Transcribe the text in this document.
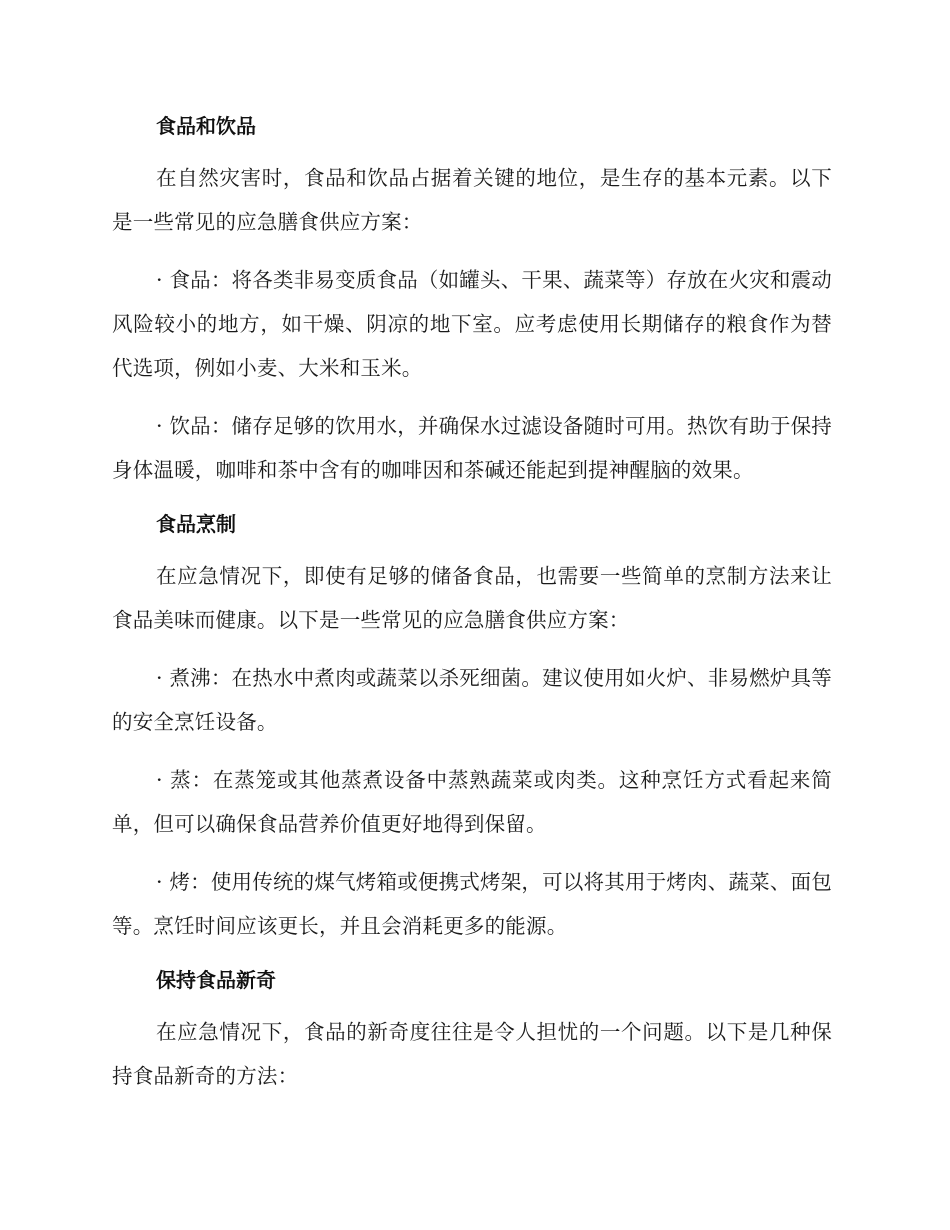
食品和饮品

在自然灾害时，食品和饮品占据着关键的地位，是生存的基本元素。以下是一些常见的应急膳食供应方案：

· 食品：将各类非易变质食品（如罐头、干果、蔬菜等）存放在火灾和震动风险较小的地方，如干燥、阴凉的地下室。应考虑使用长期储存的粮食作为替代选项，例如小麦、大米和玉米。

· 饮品：储存足够的饮用水，并确保水过滤设备随时可用。热饮有助于保持身体温暖，咖啡和茶中含有的咖啡因和茶碱还能起到提神醒脑的效果。

食品烹制

在应急情况下，即使有足够的储备食品，也需要一些简单的烹制方法来让食品美味而健康。以下是一些常见的应急膳食供应方案：

· 煮沸：在热水中煮肉或蔬菜以杀死细菌。建议使用如火炉、非易燃炉具等的安全烹饪设备。

· 蒸：在蒸笼或其他蒸煮设备中蒸熟蔬菜或肉类。这种烹饪方式看起来简单，但可以确保食品营养价值更好地得到保留。

· 烤：使用传统的煤气烤箱或便携式烤架，可以将其用于烤肉、蔬菜、面包等。烹饪时间应该更长，并且会消耗更多的能源。

保持食品新奇

在应急情况下，食品的新奇度往往是令人担忧的一个问题。以下是几种保持食品新奇的方法：
